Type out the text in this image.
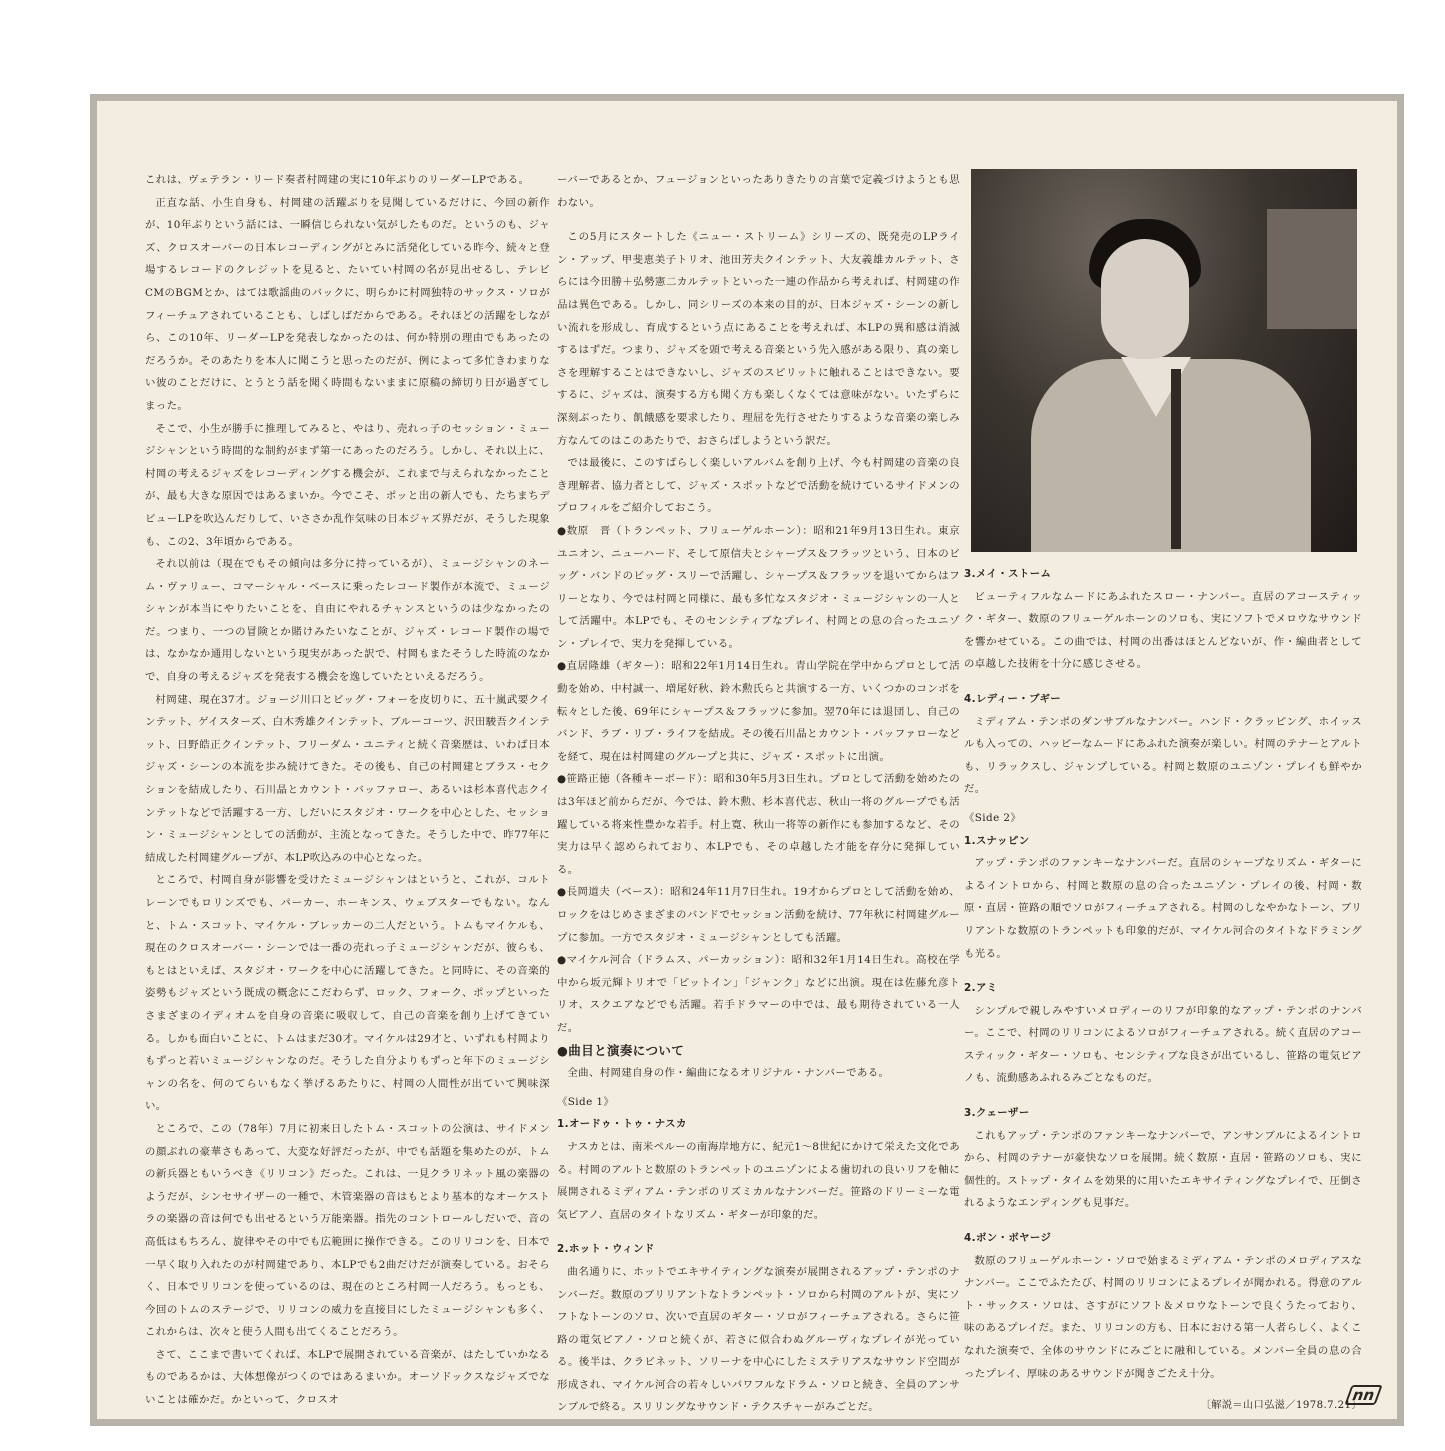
これは、ヴェテラン・リード奏者村岡建の実に10年ぶりのリーダーLPである。

正直な話、小生自身も、村岡建の活躍ぶりを見聞しているだけに、今回の新作が、10年ぶりという話には、一瞬信じられない気がしたものだ。というのも、ジャズ、クロスオーバーの日本レコーディングがとみに活発化している昨今、続々と登場するレコードのクレジットを見ると、たいてい村岡の名が見出せるし、テレビCMのBGMとか、はては歌謡曲のバックに、明らかに村岡独特のサックス・ソロがフィーチュアされていることも、しばしばだからである。それほどの活躍をしながら、この10年、リーダーLPを発表しなかったのは、何か特別の理由でもあったのだろうか。そのあたりを本人に聞こうと思ったのだが、例によって多忙きわまりない彼のことだけに、とうとう話を聞く時間もないままに原稿の締切り日が過ぎてしまった。

そこで、小生が勝手に推理してみると、やはり、売れっ子のセッション・ミュージシャンという時間的な制約がまず第一にあったのだろう。しかし、それ以上に、村岡の考えるジャズをレコーディングする機会が、これまで与えられなかったことが、最も大きな原因ではあるまいか。今でこそ、ポッと出の新人でも、たちまちデビューLPを吹込んだりして、いささか乱作気味の日本ジャズ界だが、そうした現象も、この2、3年頃からである。

それ以前は（現在でもその傾向は多分に持っているが）、ミュージシャンのネーム・ヴァリュー、コマーシャル・ベースに乗ったレコード製作が本流で、ミュージシャンが本当にやりたいことを、自由にやれるチャンスというのは少なかったのだ。つまり、一つの冒険とか賭けみたいなことが、ジャズ・レコード製作の場では、なかなか通用しないという現実があった訳で、村岡もまたそうした時流のなかで、自身の考えるジャズを発表する機会を逸していたといえるだろう。

村岡建、現在37才。ジョージ川口とビッグ・フォーを皮切りに、五十嵐武要クインテット、ゲイスターズ、白木秀雄クインテット、ブルーコーツ、沢田駿吾クインテット、日野皓正クインテット、フリーダム・ユニティと続く音楽歴は、いわば日本ジャズ・シーンの本流を歩み続けてきた。その後も、自己の村岡建とブラス・セクションを結成したり、石川晶とカウント・バッファロー、あるいは杉本喜代志クインテットなどで活躍する一方、しだいにスタジオ・ワークを中心とした、セッション・ミュージシャンとしての活動が、主流となってきた。そうした中で、昨77年に結成した村岡建グループが、本LP吹込みの中心となった。

ところで、村岡自身が影響を受けたミュージシャンはというと、これが、コルトレーンでもロリンズでも、パーカー、ホーキンス、ウェブスターでもない。なんと、トム・スコット、マイケル・ブレッカーの二人だという。トムもマイケルも、現在のクロスオーバー・シーンでは一番の売れっ子ミュージシャンだが、彼らも、もとはといえば、スタジオ・ワークを中心に活躍してきた。と同時に、その音楽的姿勢もジャズという既成の概念にこだわらず、ロック、フォーク、ポップといったさまざまのイディオムを自身の音楽に吸収して、自己の音楽を創り上げてきている。しかも面白いことに、トムはまだ30才。マイケルは29才と、いずれも村岡よりもずっと若いミュージシャンなのだ。そうした自分よりもずっと年下のミュージシャンの名を、何のてらいもなく挙げるあたりに、村岡の人間性が出ていて興味深い。

ところで、この（78年）7月に初来日したトム・スコットの公演は、サイドメンの顔ぶれの豪華さもあって、大変な好評だったが、中でも話題を集めたのが、トムの新兵器ともいうべき《リリコン》だった。これは、一見クラリネット風の楽器のようだが、シンセサイザーの一種で、木管楽器の音はもとより基本的なオーケストラの楽器の音は何でも出せるという万能楽器。指先のコントロールしだいで、音の高低はもちろん、旋律やその中でも広範囲に操作できる。このリリコンを、日本で一早く取り入れたのが村岡建であり、本LPでも2曲だけだが演奏している。おそらく、日本でリリコンを使っているのは、現在のところ村岡一人だろう。もっとも、今回のトムのステージで、リリコンの威力を直接目にしたミュージシャンも多く、これからは、次々と使う人間も出てくることだろう。

さて、ここまで書いてくれば、本LPで展開されている音楽が、はたしていかなるものであるかは、大体想像がつくのではあるまいか。オーソドックスなジャズでないことは確かだ。かといって、クロスオ

ーバーであるとか、フュージョンといったありきたりの言葉で定義づけようとも思わない。

この5月にスタートした《ニュー・ストリーム》シリーズの、既発売のLPライン・アップ、甲斐恵美子トリオ、池田芳夫クインテット、大友義雄カルテット、さらには今田勝＋弘勢憲二カルテットといった一連の作品から考えれば、村岡建の作品は異色である。しかし、同シリーズの本来の目的が、日本ジャズ・シーンの新しい流れを形成し、育成するという点にあることを考えれば、本LPの異和感は消滅するはずだ。つまり、ジャズを頭で考える音楽という先入感がある限り、真の楽しさを理解することはできないし、ジャズのスピリットに触れることはできない。要するに、ジャズは、演奏する方も聞く方も楽しくなくては意味がない。いたずらに深刻ぶったり、飢餓感を要求したり、理屈を先行させたりするような音楽の楽しみ方なんてのはこのあたりで、おさらばしようという訳だ。

では最後に、このすばらしく楽しいアルバムを創り上げ、今も村岡建の音楽の良き理解者、協力者として、ジャズ・スポットなどで活動を続けているサイドメンのプロフィルをご紹介しておこう。

●数原　晋（トランペット、フリューゲルホーン）：昭和21年9月13日生れ。東京ユニオン、ニューハード、そして原信夫とシャープス＆フラッツという、日本のビッグ・バンドのビッグ・スリーで活躍し、シャープス＆フラッツを退いてからはフリーとなり、今では村岡と同様に、最も多忙なスタジオ・ミュージシャンの一人として活躍中。本LPでも、そのセンシティブなプレイ、村岡との息の合ったユニゾン・プレイで、実力を発揮している。

●直居隆雄（ギター）：昭和22年1月14日生れ。青山学院在学中からプロとして活動を始め、中村誠一、増尾好秋、鈴木勲氏らと共演する一方、いくつかのコンボを転々とした後、69年にシャープス＆フラッツに参加。翌70年には退団し、自己のバンド、ラブ・リブ・ライフを結成。その後石川晶とカウント・バッファローなどを経て、現在は村岡建のグループと共に、ジャズ・スポットに出演。

●笹路正徳（各種キーボード）：昭和30年5月3日生れ。プロとして活動を始めたのは3年ほど前からだが、今では、鈴木勲、杉本喜代志、秋山一将のグループでも活躍している将来性豊かな若手。村上寛、秋山一将等の新作にも参加するなど、その実力は早く認められており、本LPでも、その卓越した才能を存分に発揮している。

●長岡道夫（ベース）：昭和24年11月7日生れ。19才からプロとして活動を始め、ロックをはじめさまざまのバンドでセッション活動を続け、77年秋に村岡建グループに参加。一方でスタジオ・ミュージシャンとしても活躍。

●マイケル河合（ドラムス、パーカッション）：昭和32年1月14日生れ。高校在学中から坂元輝トリオで「ピットイン」「ジャンク」などに出演。現在は佐藤允彦トリオ、スクエアなどでも活躍。若手ドラマーの中では、最も期待されている一人だ。

●曲目と演奏について

全曲、村岡建自身の作・編曲になるオリジナル・ナンバーである。

《Side 1》

1.オードゥ・トゥ・ナスカ

ナスカとは、南米ペルーの南海岸地方に、紀元1～8世紀にかけて栄えた文化である。村岡のアルトと数原のトランペットのユニゾンによる歯切れの良いリフを軸に展開されるミディアム・テンポのリズミカルなナンバーだ。笹路のドリーミーな電気ピアノ、直居のタイトなリズム・ギターが印象的だ。

2.ホット・ウィンド

曲名通りに、ホットでエキサイティングな演奏が展開されるアップ・テンポのナンバーだ。数原のブリリアントなトランペット・ソロから村岡のアルトが、実にソフトなトーンのソロ、次いで直居のギター・ソロがフィーチュアされる。さらに笹路の電気ピアノ・ソロと続くが、若さに似合わぬグルーヴィなプレイが光っている。後半は、クラビネット、ソリーナを中心にしたミステリアスなサウンド空間が形成され、マイケル河合の若々しいパワフルなドラム・ソロと続き、全員のアンサンブルで終る。スリリングなサウンド・テクスチャーがみごとだ。

3.メイ・ストーム

ビューティフルなムードにあふれたスロー・ナンバー。直居のアコースティック・ギター、数原のフリューゲルホーンのソロも、実にソフトでメロウなサウンドを響かせている。この曲では、村岡の出番はほとんどないが、作・編曲者としての卓越した技術を十分に感じさせる。

4.レディー・ブギー

ミディアム・テンポのダンサブルなナンバー。ハンド・クラッピング、ホイッスルも入っての、ハッピーなムードにあふれた演奏が楽しい。村岡のテナーとアルトも、リラックスし、ジャンプしている。村岡と数原のユニゾン・プレイも鮮やかだ。

《Side 2》

1.スナッピン

アップ・テンポのファンキーなナンバーだ。直居のシャープなリズム・ギターによるイントロから、村岡と数原の息の合ったユニゾン・プレイの後、村岡・数原・直居・笹路の順でソロがフィーチュアされる。村岡のしなやかなトーン、ブリリアントな数原のトランペットも印象的だが、マイケル河合のタイトなドラミングも光る。

2.アミ

シンプルで親しみやすいメロディーのリフが印象的なアップ・テンポのナンバー。ここで、村岡のリリコンによるソロがフィーチュアされる。続く直居のアコースティック・ギター・ソロも、センシティブな良さが出ているし、笹路の電気ピアノも、流動感あふれるみごとなものだ。

3.クェーザー

これもアップ・テンポのファンキーなナンバーで、アンサンブルによるイントロから、村岡のテナーが豪快なソロを展開。続く数原・直居・笹路のソロも、実に個性的。ストップ・タイムを効果的に用いたエキサイティングなプレイで、圧倒されるようなエンディングも見事だ。

4.ボン・ボヤージ

数原のフリューゲルホーン・ソロで始まるミディアム・テンポのメロディアスなナンバー。ここでふたたび、村岡のリリコンによるプレイが聞かれる。得意のアルト・サックス・ソロは、さすがにソフト＆メロウなトーンで良くうたっており、味のあるプレイだ。また、リリコンの方も、日本における第一人者らしく、よくこなれた演奏で、全体のサウンドにみごとに融和している。メンバー全員の息の合ったプレイ、厚味のあるサウンドが聞きごたえ十分。

〔解説＝山口弘滋／1978.7.21〕

nn
